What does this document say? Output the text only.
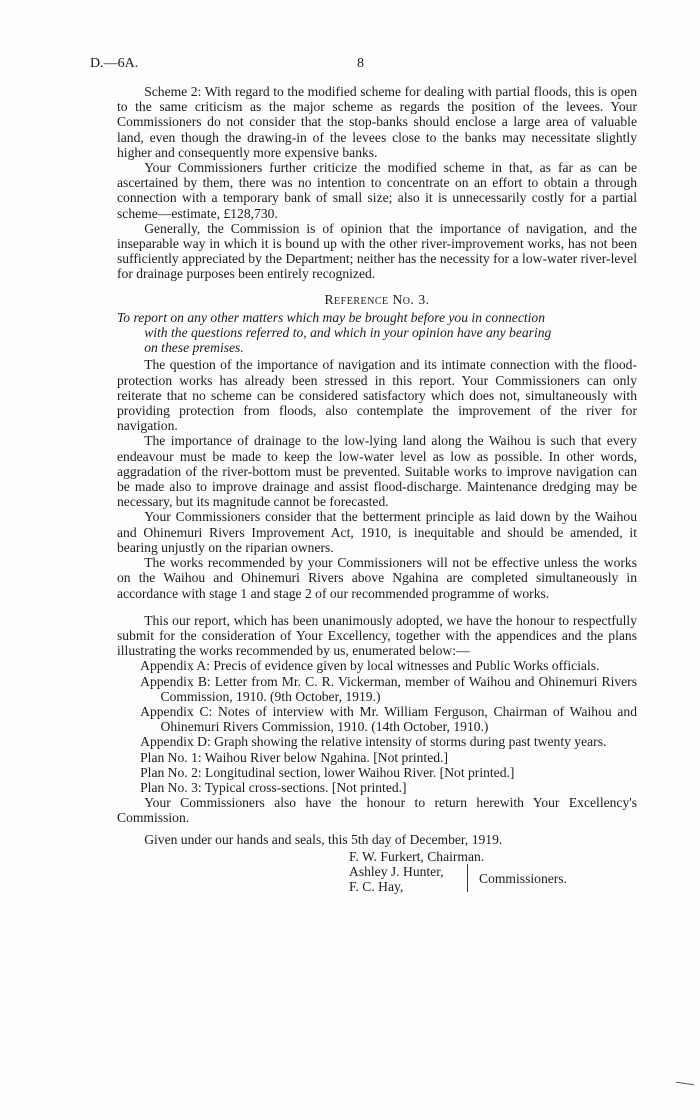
D.—6A.	8

Scheme 2: With regard to the modified scheme for dealing with partial floods, this is open to the same criticism as the major scheme as regards the position of the levees. Your Commissioners do not consider that the stop-banks should enclose a large area of valuable land, even though the drawing-in of the levees close to the banks may necessitate slightly higher and consequently more expensive banks.

Your Commissioners further criticize the modified scheme in that, as far as can be ascertained by them, there was no intention to concentrate on an effort to obtain a through connection with a temporary bank of small size; also it is unnecessarily costly for a partial scheme—estimate, £128,730.

Generally, the Commission is of opinion that the importance of navigation, and the inseparable way in which it is bound up with the other river-improvement works, has not been sufficiently appreciated by the Department; neither has the necessity for a low-water river-level for drainage purposes been entirely recognized.

Reference No. 3.

To report on any other matters which may be brought before you in connection
with the questions referred to, and which in your opinion have any bearing
on these premises.

The question of the importance of navigation and its intimate connection with the flood-protection works has already been stressed in this report. Your Commissioners can only reiterate that no scheme can be considered satisfactory which does not, simultaneously with providing protection from floods, also contemplate the improvement of the river for navigation.

The importance of drainage to the low-lying land along the Waihou is such that every endeavour must be made to keep the low-water level as low as possible. In other words, aggradation of the river-bottom must be prevented. Suitable works to improve navigation can be made also to improve drainage and assist flood-discharge. Maintenance dredging may be necessary, but its magnitude cannot be forecasted.

Your Commissioners consider that the betterment principle as laid down by the Waihou and Ohinemuri Rivers Improvement Act, 1910, is inequitable and should be amended, it bearing unjustly on the riparian owners.

The works recommended by your Commissioners will not be effective unless the works on the Waihou and Ohinemuri Rivers above Ngahina are completed simultaneously in accordance with stage 1 and stage 2 of our recommended programme of works.

This our report, which has been unanimously adopted, we have the honour to respectfully submit for the consideration of Your Excellency, together with the appendices and the plans illustrating the works recommended by us, enumerated below:—

Appendix A: Precis of evidence given by local witnesses and Public Works officials.

Appendix B: Letter from Mr. C. R. Vickerman, member of Waihou and Ohinemuri Rivers Commission, 1910. (9th October, 1919.)

Appendix C: Notes of interview with Mr. William Ferguson, Chairman of Waihou and Ohinemuri Rivers Commission, 1910. (14th October, 1910.)

Appendix D: Graph showing the relative intensity of storms during past twenty years.

Plan No. 1: Waihou River below Ngahina. [Not printed.]

Plan No. 2: Longitudinal section, lower Waihou River. [Not printed.]

Plan No. 3: Typical cross-sections. [Not printed.]

Your Commissioners also have the honour to return herewith Your Excellency's Commission.

Given under our hands and seals, this 5th day of December, 1919.

F. W. Furkert, Chairman.
Ashley J. Hunter,
F. C. Hay,
Commissioners.
